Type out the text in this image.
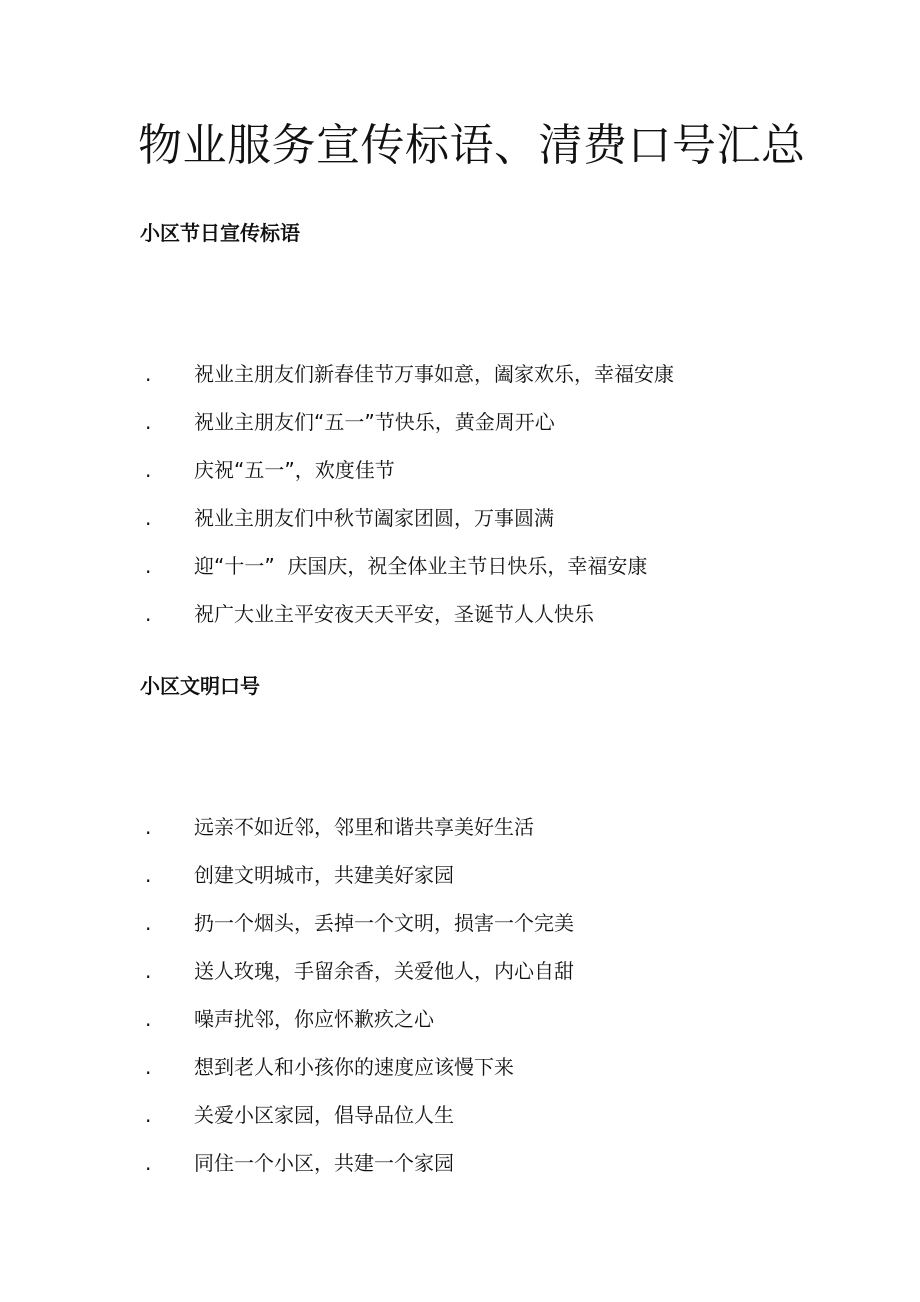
物业服务宣传标语、清费口号汇总
小区节日宣传标语
. 祝业主朋友们新春佳节万事如意，阖家欢乐，幸福安康
. 祝业主朋友们“五一”节快乐，黄金周开心
. 庆祝“五一”，欢度佳节
. 祝业主朋友们中秋节阖家团圆，万事圆满
. 迎“十一”  庆国庆，祝全体业主节日快乐，幸福安康
. 祝广大业主平安夜天天平安，圣诞节人人快乐
小区文明口号
. 远亲不如近邻，邻里和谐共享美好生活
. 创建文明城市，共建美好家园
. 扔一个烟头，丢掉一个文明，损害一个完美
. 送人玫瑰，手留余香，关爱他人，内心自甜
. 噪声扰邻，你应怀歉疚之心
. 想到老人和小孩你的速度应该慢下来
. 关爱小区家园，倡导品位人生
. 同住一个小区，共建一个家园
